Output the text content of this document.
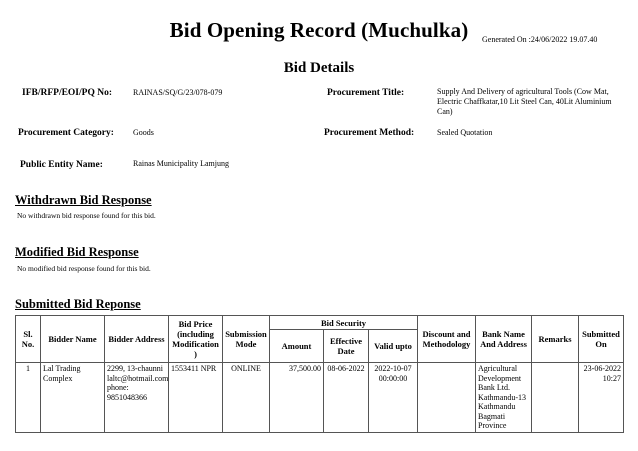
Bid Opening Record (Muchulka)	Generated On :24/06/2022 19.07.40
Bid Details
IFB/RFP/EOI/PQ No:	RAINAS/SQ/G/23/078-079	Procurement Title:	Supply And Delivery of agricultural Tools (Cow Mat, Electric Chaffkatar,10 Lit Steel Can, 40Lit Aluminium Can)
Procurement Category: Goods	Procurement Method:	Sealed Quotation
Public Entity Name:	Rainas Municipality Lamjung
Withdrawn Bid Response
No withdrawn bid response found for this bid.
Modified Bid Response
No modified bid response found for this bid.
Submitted Bid Reponse
Sl. No.	Bidder Name	Bidder Address	Bid Price (including Modification )	Submission Mode	Bid Security			Discount and Methodology	Bank Name And Address	Remarks	Submitted On
					Amount	Effective Date	Valid upto				
1	Lal Trading Complex	2299, 13-chaunni laltc@hotmail.com phone: 9851048366	1553411 NPR	ONLINE	37,500.00	08-06-2022	2022-10-07 00:00:00		Agricultural Development Bank Ltd. Kathmandu-13 Kathmandu Bagmati Province		23-06-2022 10:27
